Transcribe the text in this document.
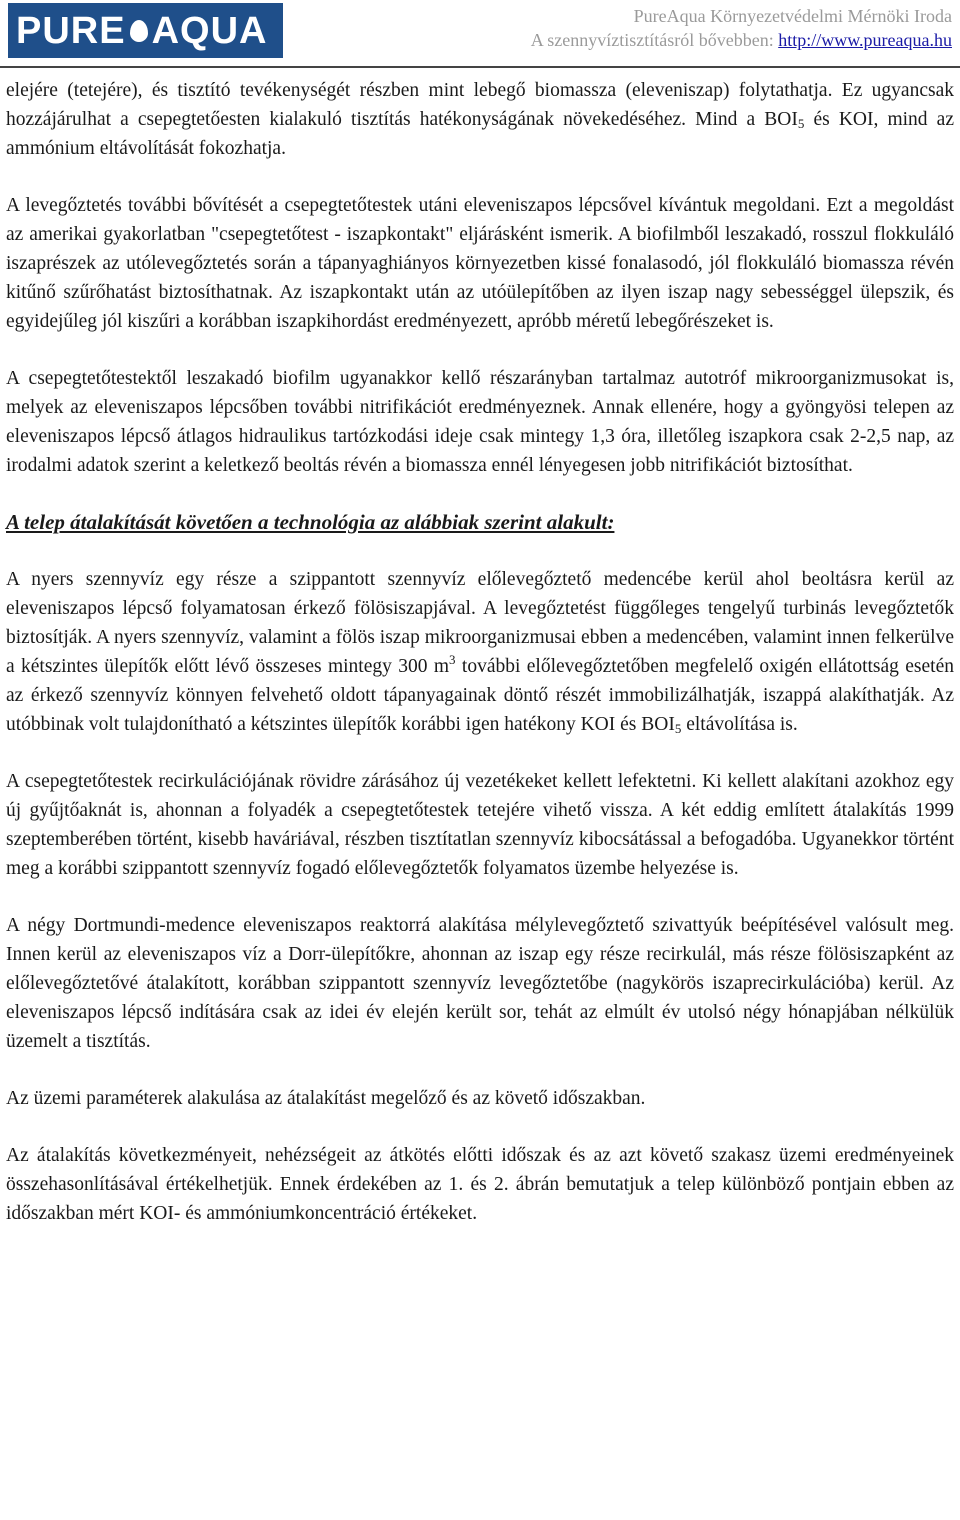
PURE AQUA	PureAqua Környezetvédelmi Mérnöki Iroda
A szennyvíztisztításról bővebben: http://www.pureaqua.hu

elejére (tetejére), és tisztító tevékenységét részben mint lebegő biomassza (eleveniszap) folytathatja. Ez ugyancsak hozzájárulhat a csepegtetőesten kialakuló tisztítás hatékonyságának növekedéséhez. Mind a $BOI_5$ és KOI, mind az ammónium eltávolítását fokozhatja.

A levegőztetés további bővítését a csepegtetőtestek utáni eleveniszapos lépcsővel kívántuk megoldani. Ezt a megoldást az amerikai gyakorlatban "csepegtetőtest - iszapkontakt" eljárásként ismerik. A biofilmből leszakadó, rosszul flokkuláló iszaprészek az utólevegőztetés során a tápanyaghiányos környezetben kissé fonalasodó, jól flokkuláló biomassza révén kitűnő szűrőhatást biztosíthatnak. Az iszapkontakt után az utóülepítőben az ilyen iszap nagy sebességgel ülepszik, és egyidejűleg jól kiszűri a korábban iszapkihordást eredményezett, apróbb méretű lebegőrészeket is.

A csepegtetőtestektől leszakadó biofilm ugyanakkor kellő részarányban tartalmaz autotróf mikroorganizmusokat is, melyek az eleveniszapos lépcsőben további nitrifikációt eredményeznek. Annak ellenére, hogy a gyöngyösi telepen az eleveniszapos lépcső átlagos hidraulikus tartózkodási ideje csak mintegy 1,3 óra, illetőleg iszapkora csak 2-2,5 nap, az irodalmi adatok szerint a keletkező beoltás révén a biomassza ennél lényegesen jobb nitrifikációt biztosíthat.

A telep átalakítását követően a technológia az alábbiak szerint alakult:

A nyers szennyvíz egy része a szippantott szennyvíz előlevegőztető medencébe kerül ahol beoltásra kerül az eleveniszapos lépcső folyamatosan érkező fölösiszapjával. A levegőztetést függőleges tengelyű turbinás levegőztetők biztosítják. A nyers szennyvíz, valamint a fölös iszap mikroorganizmusai ebben a medencében, valamint innen felkerülve a kétszintes ülepítők előtt lévő összeses mintegy 300 $m^3$ további előlevegőztetőben megfelelő oxigén ellátottság esetén az érkező szennyvíz könnyen felvehető oldott tápanyagainak döntő részét immobilizálhatják, iszappá alakíthatják. Az utóbbinak volt tulajdonítható a kétszintes ülepítők korábbi igen hatékony KOI és $BOI_5$ eltávolítása is.

A csepegtetőtestek recirkulációjának rövidre zárásához új vezetékeket kellett lefektetni. Ki kellett alakítani azokhoz egy új gyűjtőaknát is, ahonnan a folyadék a csepegtetőtestek tetejére vihető vissza. A két eddig említett átalakítás 1999 szeptemberében történt, kisebb haváriával, részben tisztítatlan szennyvíz kibocsátással a befogadóba. Ugyanekkor történt meg a korábbi szippantott szennyvíz fogadó előlevegőztetők folyamatos üzembe helyezése is.

A négy Dortmundi-medence eleveniszapos reaktorrá alakítása mélylevegőztető szivattyúk beépítésével valósult meg. Innen kerül az eleveniszapos víz a Dorr-ülepítőkre, ahonnan az iszap egy része recirkulál, más része fölösiszapként az előlevegőztetővé átalakított, korábban szippantott szennyvíz levegőztetőbe (nagykörös iszaprecirkulációba) kerül. Az eleveniszapos lépcső indítására csak az idei év elején került sor, tehát az elmúlt év utolsó négy hónapjában nélkülük üzemelt a tisztítás.

Az üzemi paraméterek alakulása az átalakítást megelőző és az követő időszakban.

Az átalakítás következményeit, nehézségeit az átkötés előtti időszak és az azt követő szakasz üzemi eredményeinek összehasonlításával értékelhetjük. Ennek érdekében az 1. és 2. ábrán bemutatjuk a telep különböző pontjain ebben az időszakban mért KOI- és ammóniumkoncentráció értékeket.
